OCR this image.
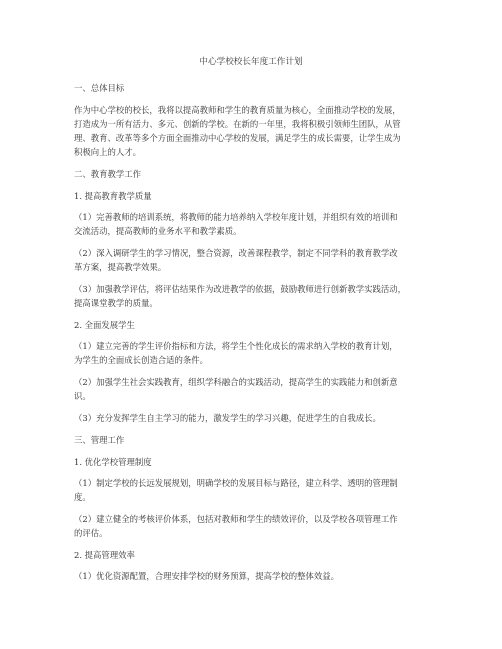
中心学校校长年度工作计划
一、总体目标
作为中心学校的校长，我将以提高教师和学生的教育质量为核心，全面推动学校的发展，
打造成为一所有活力、多元、创新的学校。在新的一年里，我将积极引领师生团队，从管
理、教育、改革等多个方面全面推动中心学校的发展，满足学生的成长需要，让学生成为
积极向上的人才。
二、教育教学工作
1. 提高教育教学质量
（1）完善教师的培训系统，将教师的能力培养纳入学校年度计划，并组织有效的培训和
交流活动，提高教师的业务水平和教学素质。
（2）深入调研学生的学习情况，整合资源，改善课程教学，制定不同学科的教育教学改
革方案，提高教学效果。
（3）加强教学评估，将评估结果作为改进教学的依据，鼓励教师进行创新教学实践活动，
提高课堂教学的质量。
2. 全面发展学生
（1）建立完善的学生评价指标和方法，将学生个性化成长的需求纳入学校的教育计划，
为学生的全面成长创造合适的条件。
（2）加强学生社会实践教育，组织学科融合的实践活动，提高学生的实践能力和创新意
识。
（3）充分发挥学生自主学习的能力，激发学生的学习兴趣，促进学生的自我成长。
三、管理工作
1. 优化学校管理制度
（1）制定学校的长远发展规划，明确学校的发展目标与路径，建立科学、透明的管理制
度。
（2）建立健全的考核评价体系，包括对教师和学生的绩效评价，以及学校各项管理工作
的评估。
2. 提高管理效率
（1）优化资源配置，合理安排学校的财务预算，提高学校的整体效益。
